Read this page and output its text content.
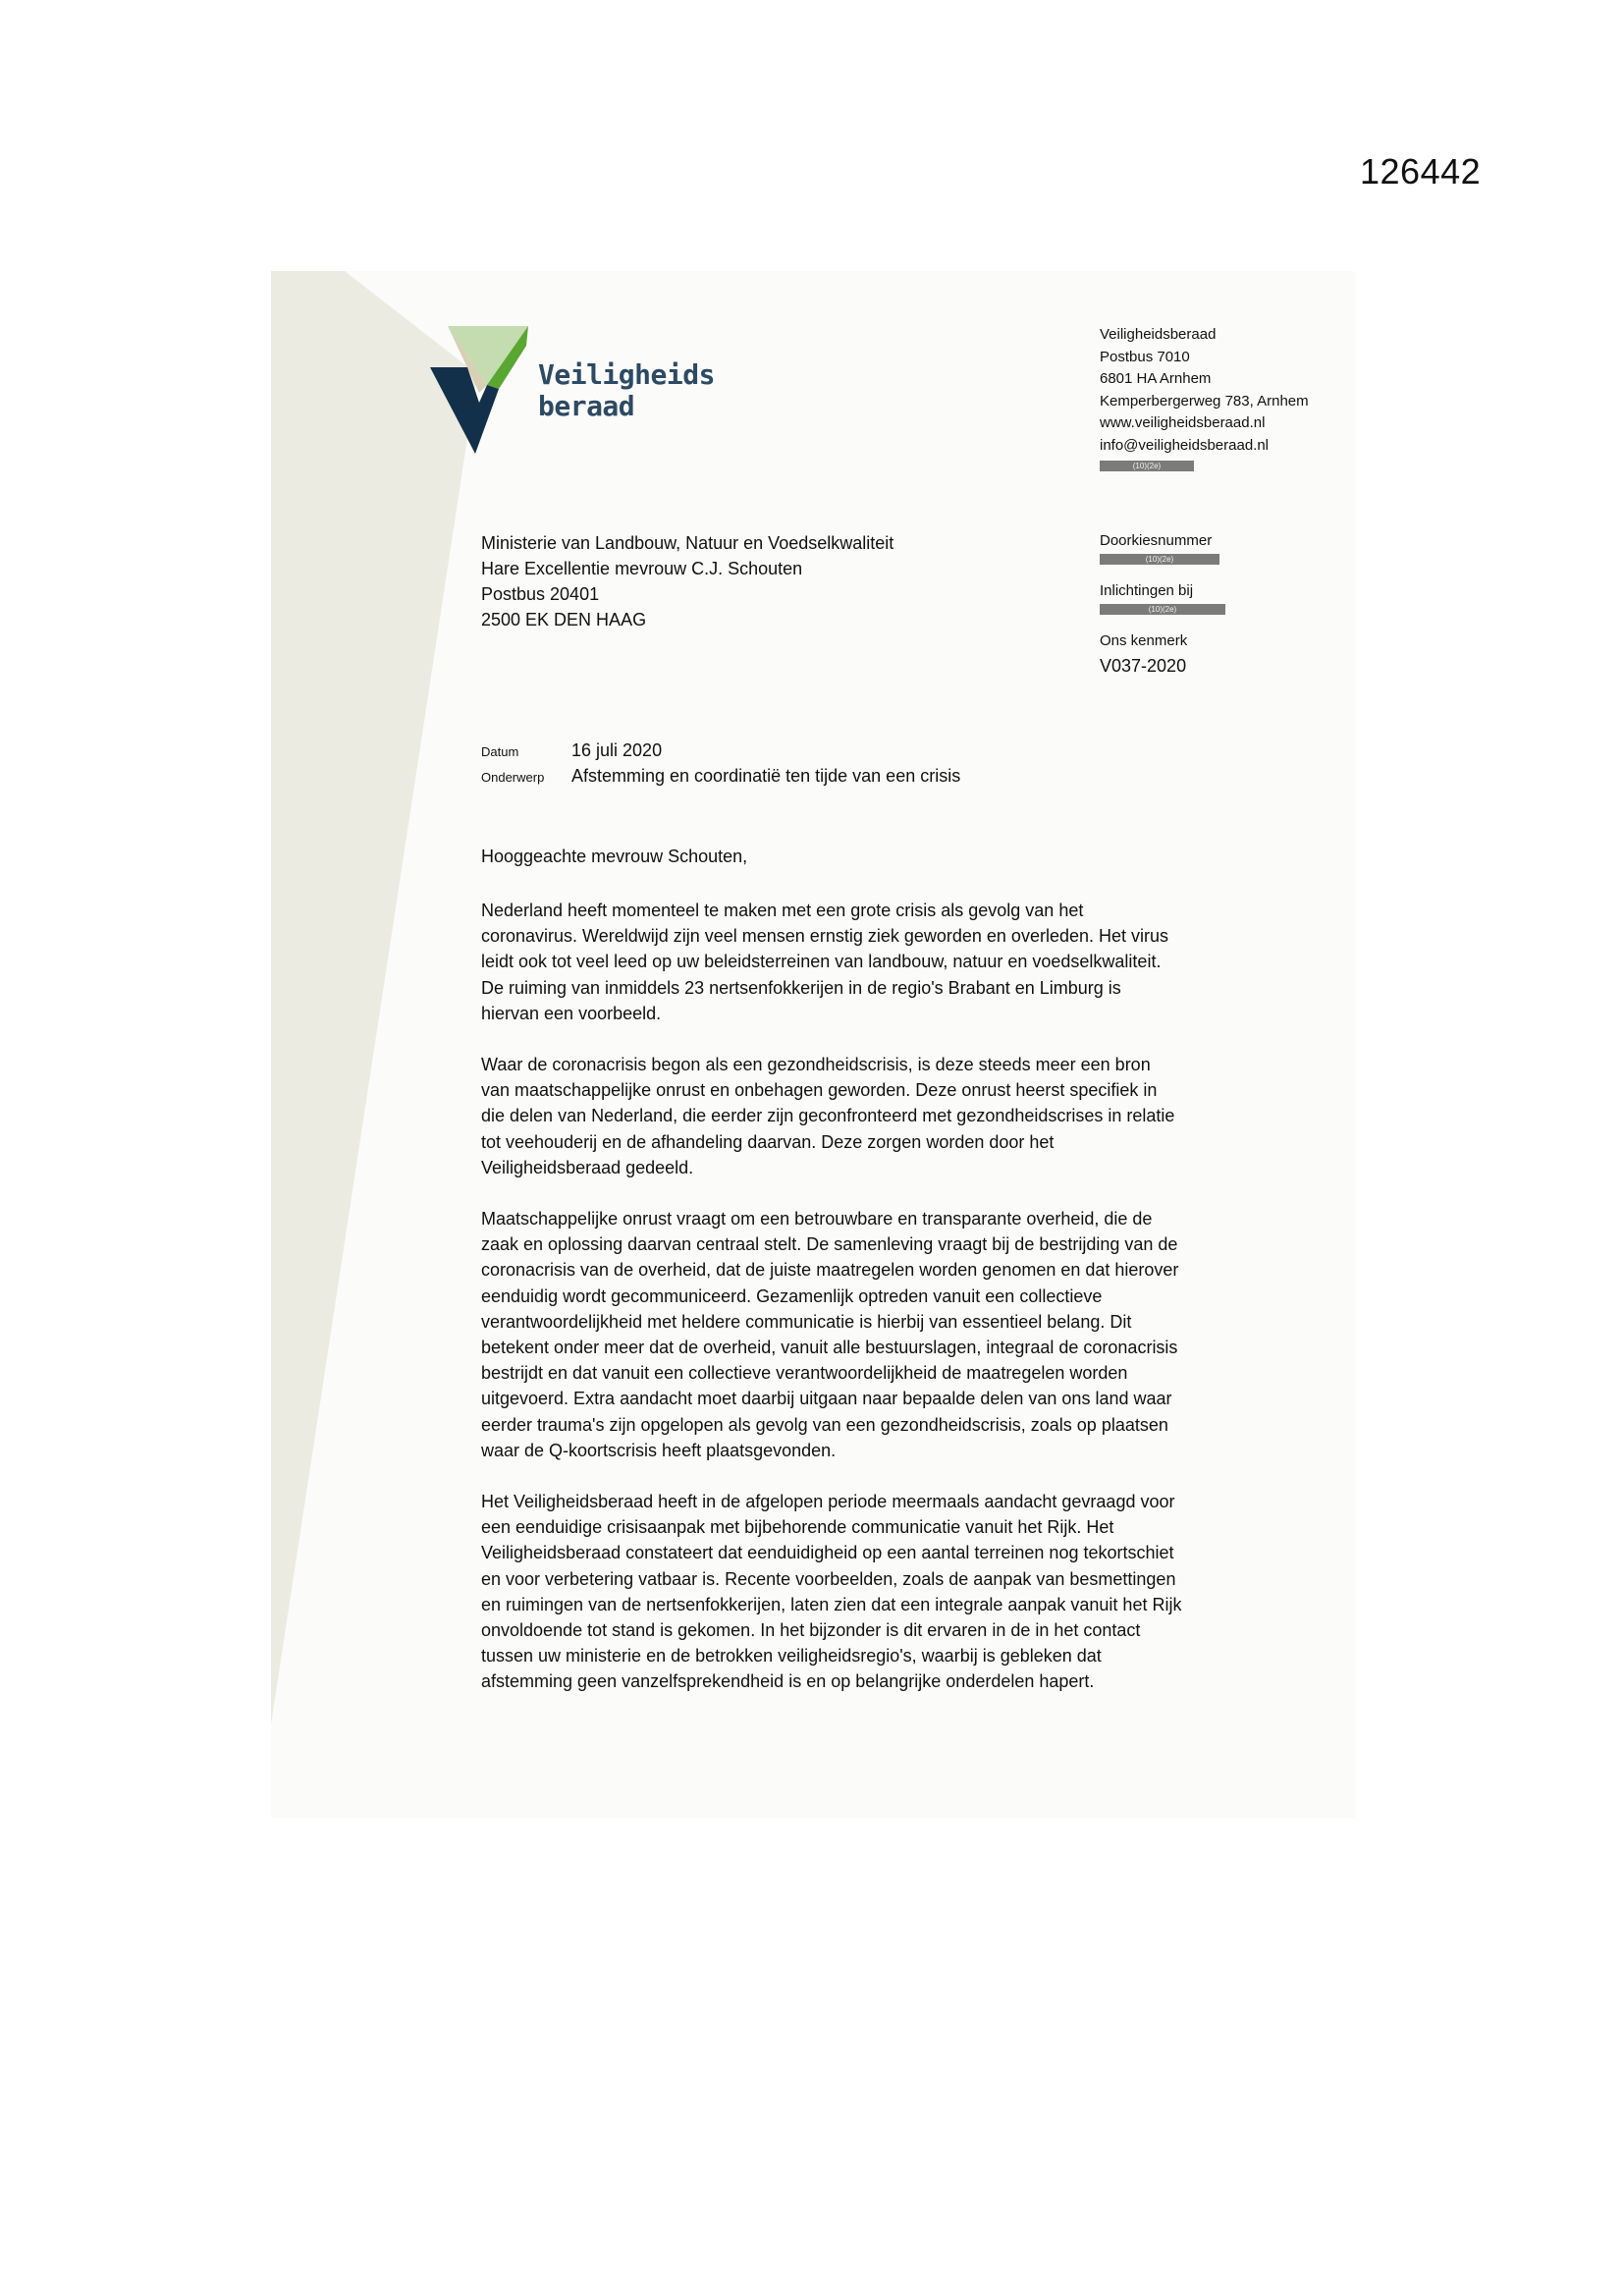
126442
Veiligheids
beraad
Veiligheidsberaad
Postbus 7010
6801 HA Arnhem
Kemperbergerweg 783, Arnhem
www.veiligheidsberaad.nl
info@veiligheidsberaad.nl
(10)(2e)
Ministerie van Landbouw, Natuur en Voedselkwaliteit
Hare Excellentie mevrouw C.J. Schouten
Postbus 20401
2500 EK DEN HAAG
Doorkiesnummer
(10)(2e)
Inlichtingen bij
(10)(2e)
Ons kenmerk
V037-2020
Datum	16 juli 2020
Onderwerp	Afstemming en coordinatië ten tijde van een crisis
Hooggeachte mevrouw Schouten,

Nederland heeft momenteel te maken met een grote crisis als gevolg van het
coronavirus. Wereldwijd zijn veel mensen ernstig ziek geworden en overleden. Het virus
leidt ook tot veel leed op uw beleidsterreinen van landbouw, natuur en voedselkwaliteit.
De ruiming van inmiddels 23 nertsenfokkerijen in de regio's Brabant en Limburg is
hiervan een voorbeeld.

Waar de coronacrisis begon als een gezondheidscrisis, is deze steeds meer een bron
van maatschappelijke onrust en onbehagen geworden. Deze onrust heerst specifiek in
die delen van Nederland, die eerder zijn geconfronteerd met gezondheidscrises in relatie
tot veehouderij en de afhandeling daarvan. Deze zorgen worden door het
Veiligheidsberaad gedeeld.

Maatschappelijke onrust vraagt om een betrouwbare en transparante overheid, die de
zaak en oplossing daarvan centraal stelt. De samenleving vraagt bij de bestrijding van de
coronacrisis van de overheid, dat de juiste maatregelen worden genomen en dat hierover
eenduidig wordt gecommuniceerd. Gezamenlijk optreden vanuit een collectieve
verantwoordelijkheid met heldere communicatie is hierbij van essentieel belang. Dit
betekent onder meer dat de overheid, vanuit alle bestuurslagen, integraal de coronacrisis
bestrijdt en dat vanuit een collectieve verantwoordelijkheid de maatregelen worden
uitgevoerd. Extra aandacht moet daarbij uitgaan naar bepaalde delen van ons land waar
eerder trauma's zijn opgelopen als gevolg van een gezondheidscrisis, zoals op plaatsen
waar de Q-koortscrisis heeft plaatsgevonden.

Het Veiligheidsberaad heeft in de afgelopen periode meermaals aandacht gevraagd voor
een eenduidige crisisaanpak met bijbehorende communicatie vanuit het Rijk. Het
Veiligheidsberaad constateert dat eenduidigheid op een aantal terreinen nog tekortschiet
en voor verbetering vatbaar is. Recente voorbeelden, zoals de aanpak van besmettingen
en ruimingen van de nertsenfokkerijen, laten zien dat een integrale aanpak vanuit het Rijk
onvoldoende tot stand is gekomen. In het bijzonder is dit ervaren in de in het contact
tussen uw ministerie en de betrokken veiligheidsregio's, waarbij is gebleken dat
afstemming geen vanzelfsprekendheid is en op belangrijke onderdelen hapert.
